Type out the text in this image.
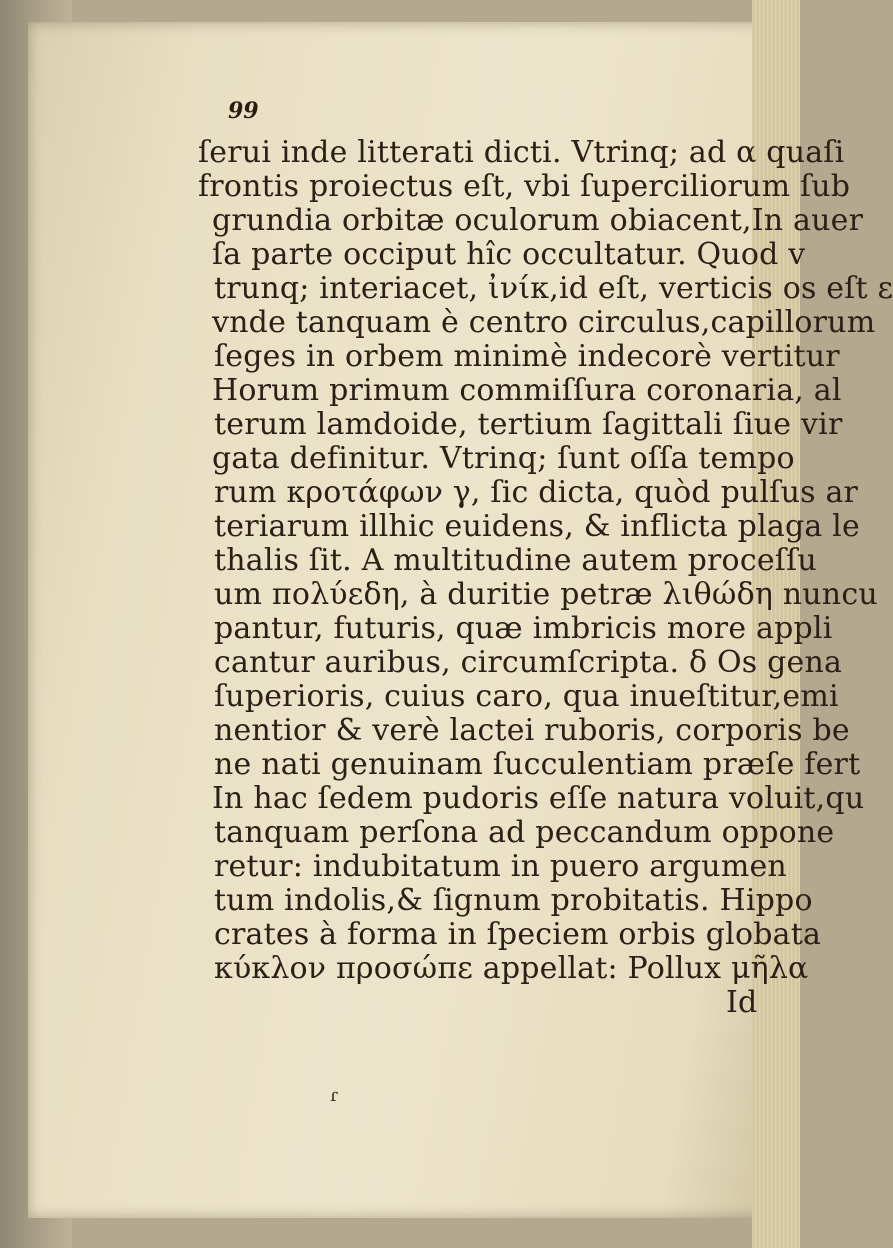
99
ſerui inde litterati dicti. Vtrinq; ad α quaſi
frontis proiectus eſt, vbi ſuperciliorum ſub
grundia orbitæ oculorum obiacent,In auer
ſa parte occiput hîc occultatur. Quod v
trunq; interiacet, ἰνίκ,id eſt, verticis os eſt ε
vnde tanquam è centro circulus,capillorum
ſeges in orbem minimè indecorè vertitur
Horum primum commiſſura coronaria, al
terum lamdoide, tertium ſagittali ſiue vir
gata definitur. Vtrinq; ſunt oſſa tempo
rum κροτάφων γ, ſic dicta, quòd pulſus ar
teriarum illhic euidens, & inflicta plaga le
thalis ſit. A multitudine autem proceſſu
um πολύεδη, à duritie petræ λιθώδη nuncu
pantur, futuris, quæ imbricis more appli
cantur auribus, circumſcripta. δ Os gena
ſuperioris, cuius caro, qua inueſtitur,emi
nentior & verè lactei ruboris, corporis be
ne nati genuinam ſucculentiam præſe fert
In hac ſedem pudoris eſſe natura voluit,qu
tanquam perſona ad peccandum oppone
retur: indubitatum in puero argumen
tum indolis,& ſignum probitatis. Hippo
crates à forma in ſpeciem orbis globata
κύκλον προσώπε appellat: Pollux μῆλα
Id
ɾ
